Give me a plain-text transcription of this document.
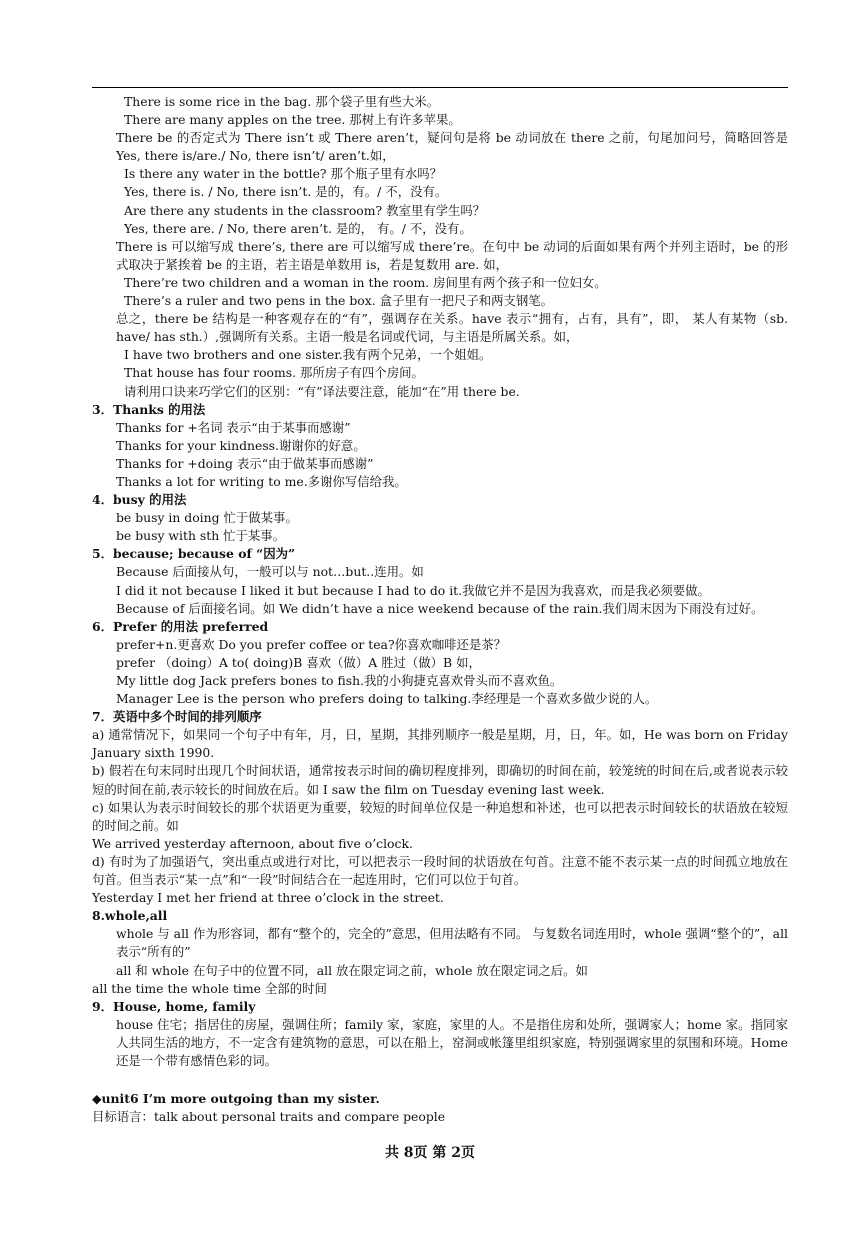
There is some rice in the bag. 那个袋子里有些大米。

There are many apples on the tree. 那树上有许多苹果。

There be 的否定式为 There isn’t 或 There aren’t，疑问句是将 be 动词放在 there 之前，句尾加问号，简略回答是 Yes, there is/are./ No, there isn’t/ aren’t.如，

Is there any water in the bottle? 那个瓶子里有水吗？

Yes, there is. / No, there isn’t. 是的，有。/ 不，没有。

Are there any students in the classroom? 教室里有学生吗？

Yes, there are. / No, there aren’t. 是的， 有。/ 不，没有。

There is 可以缩写成 there’s, there are 可以缩写成 there’re。在句中 be 动词的后面如果有两个并列主语时，be 的形式取决于紧挨着 be 的主语，若主语是单数用 is，若是复数用 are. 如，

There’re two children and a woman in the room. 房间里有两个孩子和一位妇女。

There’s a ruler and two pens in the box. 盒子里有一把尺子和两支钢笔。

总之，there be 结构是一种客观存在的“有”，强调存在关系。have 表示“拥有，占有，具有”，即， 某人有某物（sb. have/ has sth.）,强调所有关系。主语一般是名词或代词，与主语是所属关系。如，

I have two brothers and one sister.我有两个兄弟，一个姐姐。

That house has four rooms. 那所房子有四个房间。

请利用口诀来巧学它们的区别：“有”译法要注意，能加“在”用 there be.

3．Thanks 的用法

Thanks for +名词 表示“由于某事而感谢”

Thanks for your kindness.谢谢你的好意。

Thanks for +doing 表示“由于做某事而感谢”

Thanks a lot for writing to me.多谢你写信给我。

4．busy 的用法

be busy in doing 忙于做某事。

be busy with sth 忙于某事。

5．because; because of “因为”

Because 后面接从句，一般可以与 not…but..连用。如

I did it not because I liked it but because I had to do it.我做它并不是因为我喜欢，而是我必须要做。

Because of 后面接名词。如 We didn’t have a nice weekend because of the rain.我们周末因为下雨没有过好。

6．Prefer 的用法 preferred

prefer+n.更喜欢 Do you prefer coffee or tea?你喜欢咖啡还是茶？

prefer （doing）A to( doing)B 喜欢（做）A 胜过（做）B 如，

My little dog Jack prefers bones to fish.我的小狗捷克喜欢骨头而不喜欢鱼。

Manager Lee is the person who prefers doing to talking.李经理是一个喜欢多做少说的人。

7．英语中多个时间的排列顺序

a) 通常情况下，如果同一个句子中有年，月，日，星期，其排列顺序一般是星期，月，日，年。如，He was born on Friday January sixth 1990.

b) 假若在句末同时出现几个时间状语，通常按表示时间的确切程度排列，即确切的时间在前，较笼统的时间在后,或者说表示较短的时间在前,表示较长的时间放在后。如 I saw the film on Tuesday evening last week.

c) 如果认为表示时间较长的那个状语更为重要，较短的时间单位仅是一种追想和补述，也可以把表示时间较长的状语放在较短的时间之前。如

We arrived yesterday afternoon, about five o’clock.

d) 有时为了加强语气，突出重点或进行对比，可以把表示一段时间的状语放在句首。注意不能不表示某一点的时间孤立地放在句首。但当表示“某一点”和“一段”时间结合在一起连用时，它们可以位于句首。

Yesterday I met her friend at three o’clock in the street.

8.whole,all

whole 与 all 作为形容词，都有“整个的，完全的”意思，但用法略有不同。 与复数名词连用时，whole 强调“整个的”，all 表示“所有的”

all 和 whole 在句子中的位置不同，all 放在限定词之前，whole 放在限定词之后。如

all the time the whole time 全部的时间

9．House, home, family

house 住宅；指居住的房屋，强调住所；family 家，家庭，家里的人。不是指住房和处所，强调家人；home 家。指同家人共同生活的地方，不一定含有建筑物的意思，可以在船上，窑洞或帐篷里组织家庭，特别强调家里的氛围和环境。Home 还是一个带有感情色彩的词。

◆unit6 I’m more outgoing than my sister.

目标语言：talk about personal traits and compare people

共 8页 第 2页
